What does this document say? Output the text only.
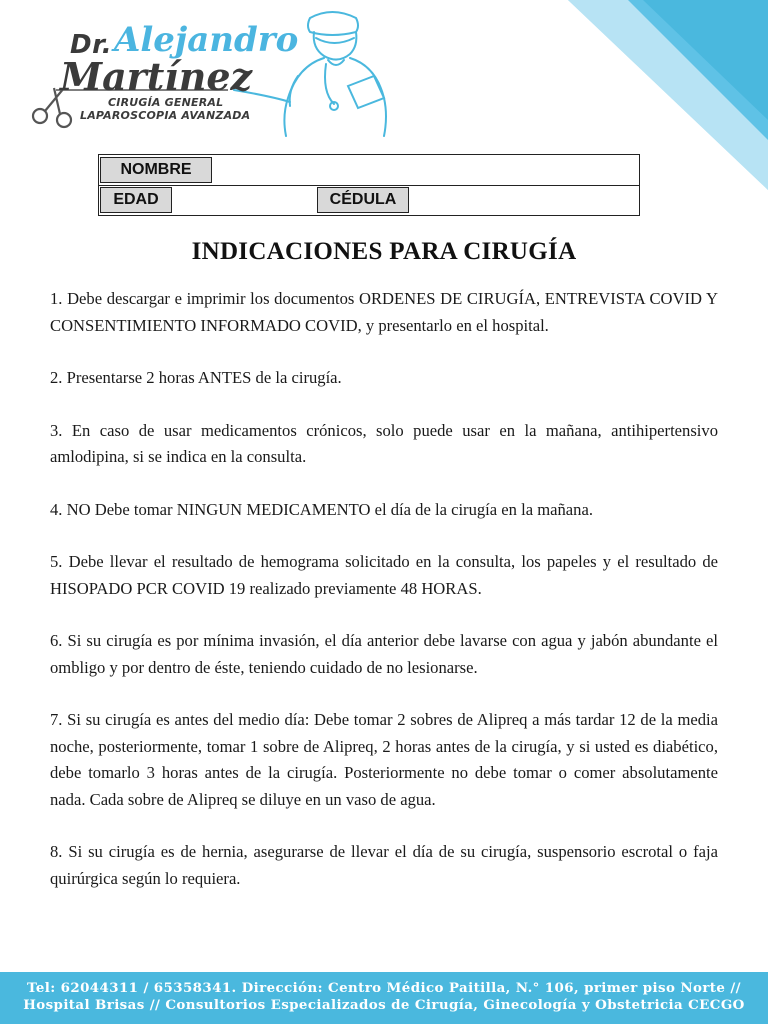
Dr. Alejandro
Martínez
CIRUGÍA GENERAL
LAPAROSCOPIA AVANZADA
NOMBRE
EDAD	CÉDULA
INDICACIONES PARA CIRUGÍA

1. Debe descargar e imprimir los documentos ORDENES DE CIRUGÍA, ENTREVISTA COVID Y CONSENTIMIENTO INFORMADO COVID, y presentarlo en el hospital.

2. Presentarse 2 horas ANTES de la cirugía.

3. En caso de usar medicamentos crónicos, solo puede usar en la mañana, antihipertensivo amlodipina, si se indica en la consulta.

4. NO Debe tomar NINGUN MEDICAMENTO el día de la cirugía en la mañana.

5. Debe llevar el resultado de hemograma solicitado en la consulta, los papeles y el resultado de HISOPADO PCR COVID 19 realizado previamente 48 HORAS.

6. Si su cirugía es por mínima invasión, el día anterior debe lavarse con agua y jabón abundante el ombligo y por dentro de éste, teniendo cuidado de no lesionarse.

7. Si su cirugía es antes del medio día: Debe tomar 2 sobres de Alipreq a más tardar 12 de la media noche, posteriormente, tomar 1 sobre de Alipreq, 2 horas antes de la cirugía, y si usted es diabético, debe tomarlo 3 horas antes de la cirugía. Posteriormente no debe tomar o comer absolutamente nada. Cada sobre de Alipreq se diluye en un vaso de agua.

8. Si su cirugía es de hernia, asegurarse de llevar el día de su cirugía, suspensorio escrotal o faja quirúrgica según lo requiera.

Tel: 62044311 / 65358341. Dirección: Centro Médico Paitilla, N.° 106, primer piso Norte //
Hospital Brisas // Consultorios Especializados de Cirugía, Ginecología y Obstetricia CECGO
